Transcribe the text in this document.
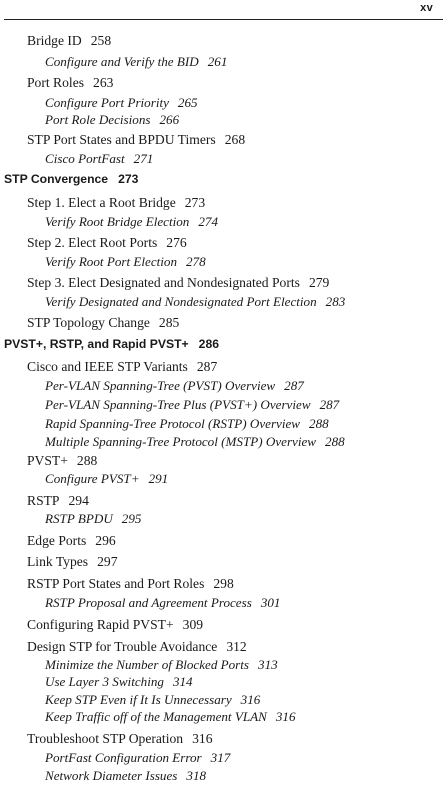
xv
Bridge ID 258
Configure and Verify the BID 261
Port Roles 263
Configure Port Priority 265
Port Role Decisions 266
STP Port States and BPDU Timers 268
Cisco PortFast 271
STP Convergence 273
Step 1. Elect a Root Bridge 273
Verify Root Bridge Election 274
Step 2. Elect Root Ports 276
Verify Root Port Election 278
Step 3. Elect Designated and Nondesignated Ports 279
Verify Designated and Nondesignated Port Election 283
STP Topology Change 285
PVST+, RSTP, and Rapid PVST+ 286
Cisco and IEEE STP Variants 287
Per-VLAN Spanning-Tree (PVST) Overview 287
Per-VLAN Spanning-Tree Plus (PVST+) Overview 287
Rapid Spanning-Tree Protocol (RSTP) Overview 288
Multiple Spanning-Tree Protocol (MSTP) Overview 288
PVST+ 288
Configure PVST+ 291
RSTP 294
RSTP BPDU 295
Edge Ports 296
Link Types 297
RSTP Port States and Port Roles 298
RSTP Proposal and Agreement Process 301
Configuring Rapid PVST+ 309
Design STP for Trouble Avoidance 312
Minimize the Number of Blocked Ports 313
Use Layer 3 Switching 314
Keep STP Even if It Is Unnecessary 316
Keep Traffic off of the Management VLAN 316
Troubleshoot STP Operation 316
PortFast Configuration Error 317
Network Diameter Issues 318
